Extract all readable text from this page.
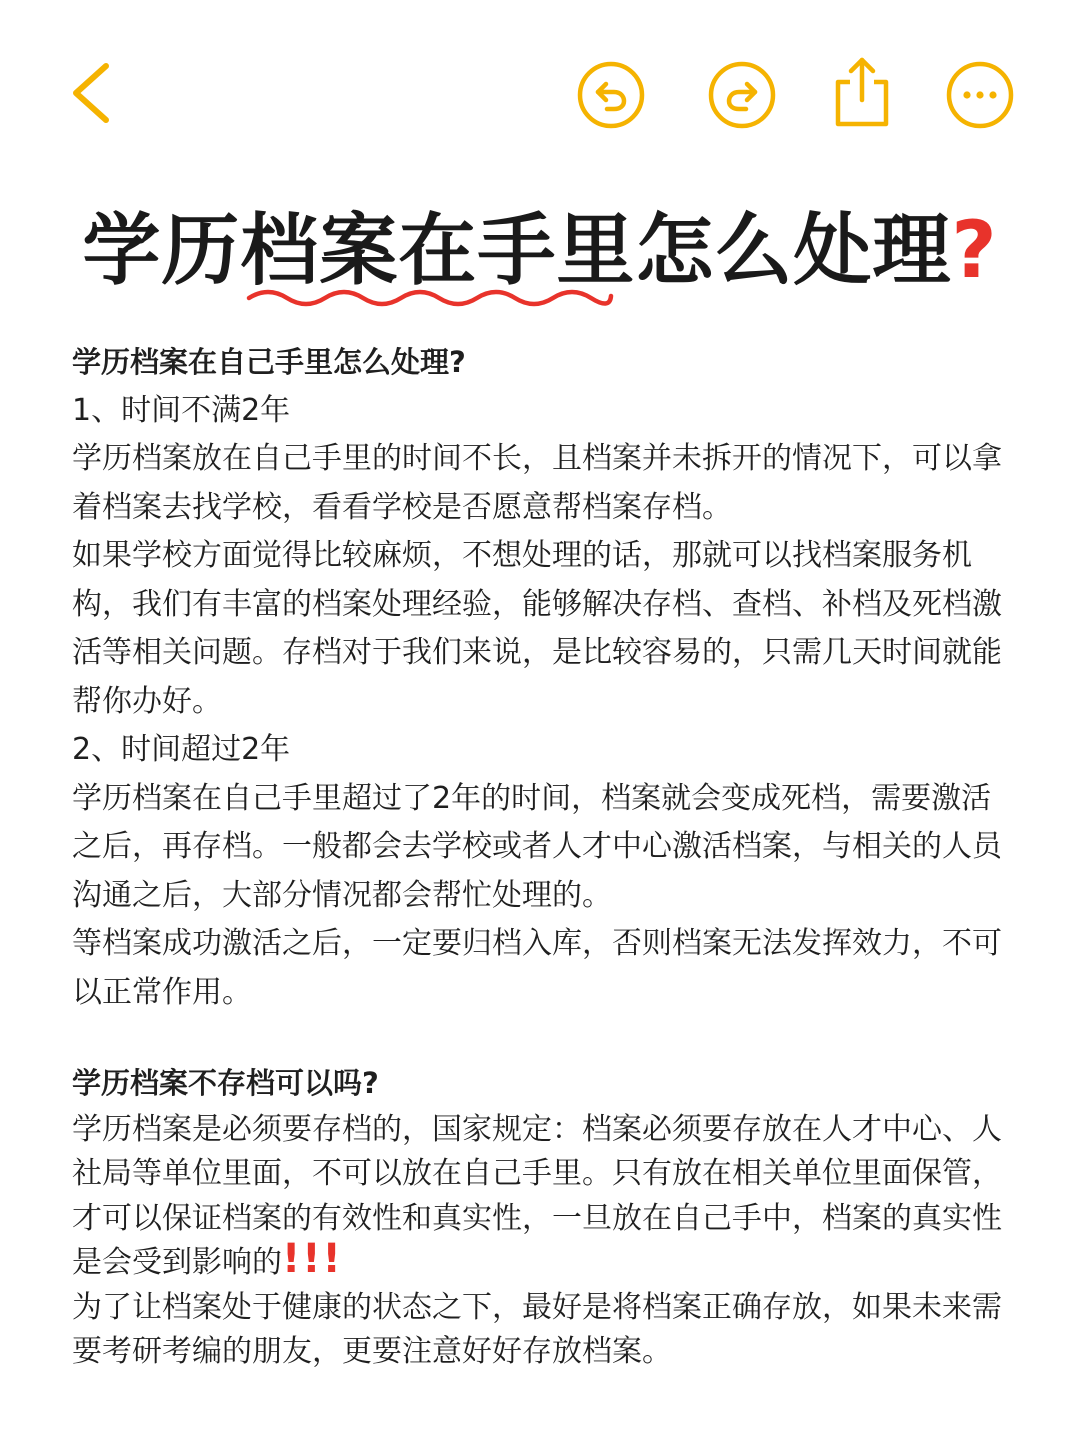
学历档案在手里怎么处理?

学历档案在自己手里怎么处理?

1、时间不满2年

学历档案放在自己手里的时间不长，且档案并未拆开的情况下，可以拿着档案去找学校，看看学校是否愿意帮档案存档。

如果学校方面觉得比较麻烦，不想处理的话，那就可以找档案服务机构，我们有丰富的档案处理经验，能够解决存档、查档、补档及死档激活等相关问题。存档对于我们来说，是比较容易的，只需几天时间就能帮你办好。

2、时间超过2年

学历档案在自己手里超过了2年的时间，档案就会变成死档，需要激活之后，再存档。一般都会去学校或者人才中心激活档案，与相关的人员沟通之后，大部分情况都会帮忙处理的。

等档案成功激活之后，一定要归档入库，否则档案无法发挥效力，不可以正常作用。

学历档案不存档可以吗?

学历档案是必须要存档的，国家规定：档案必须要存放在人才中心、人社局等单位里面，不可以放在自己手里。只有放在相关单位里面保管，才可以保证档案的有效性和真实性，一旦放在自己手中，档案的真实性是会受到影响的!!!

为了让档案处于健康的状态之下，最好是将档案正确存放，如果未来需要考研考编的朋友，更要注意好好存放档案。
